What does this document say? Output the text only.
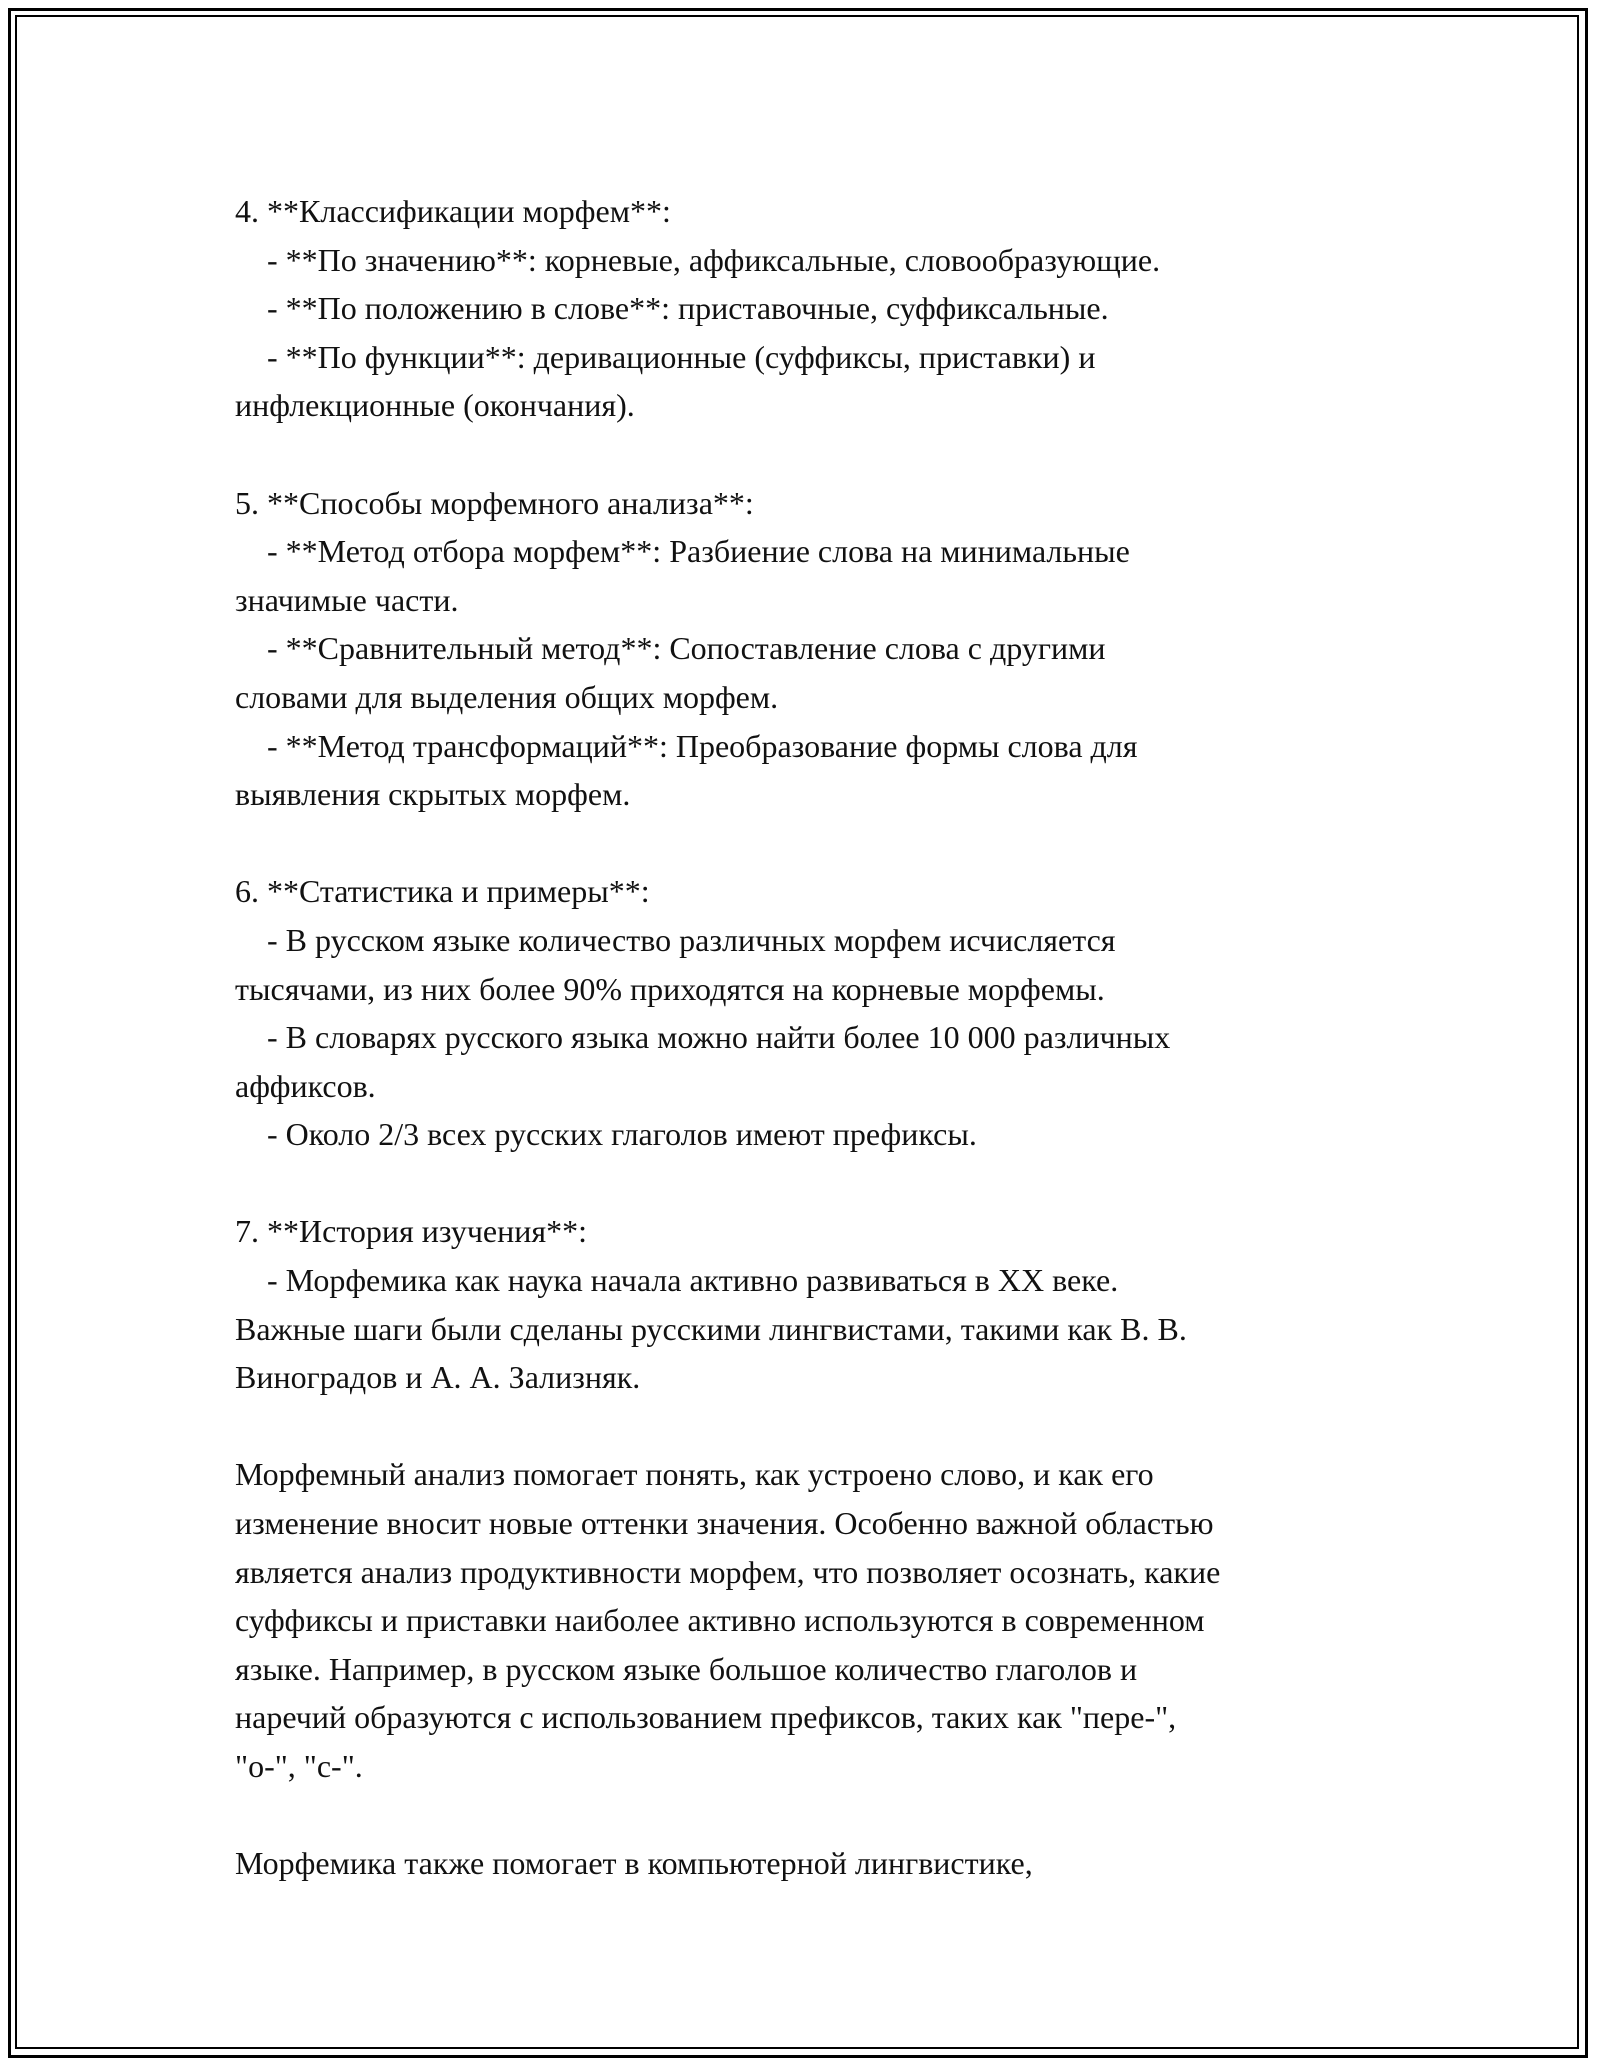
4. **Классификации морфем**:
- **По значению**: корневые, аффиксальные, словообразующие.
- **По положению в слове**: приставочные, суффиксальные.
- **По функции**: деривационные (суффиксы, приставки) и
инфлекционные (окончания).
5. **Способы морфемного анализа**:
- **Метод отбора морфем**: Разбиение слова на минимальные
значимые части.
- **Сравнительный метод**: Сопоставление слова с другими
словами для выделения общих морфем.
- **Метод трансформаций**: Преобразование формы слова для
выявления скрытых морфем.
6. **Статистика и примеры**:
- В русском языке количество различных морфем исчисляется
тысячами, из них более 90% приходятся на корневые морфемы.
- В словарях русского языка можно найти более 10 000 различных
аффиксов.
- Около 2/3 всех русских глаголов имеют префиксы.
7. **История изучения**:
- Морфемика как наука начала активно развиваться в XX веке.
Важные шаги были сделаны русскими лингвистами, такими как В. В.
Виноградов и А. А. Зализняк.
Морфемный анализ помогает понять, как устроено слово, и как его
изменение вносит новые оттенки значения. Особенно важной областью
является анализ продуктивности морфем, что позволяет осознать, какие
суффиксы и приставки наиболее активно используются в современном
языке. Например, в русском языке большое количество глаголов и
наречий образуются с использованием префиксов, таких как "пере-",
"о-", "с-".
Морфемика также помогает в компьютерной лингвистике,
